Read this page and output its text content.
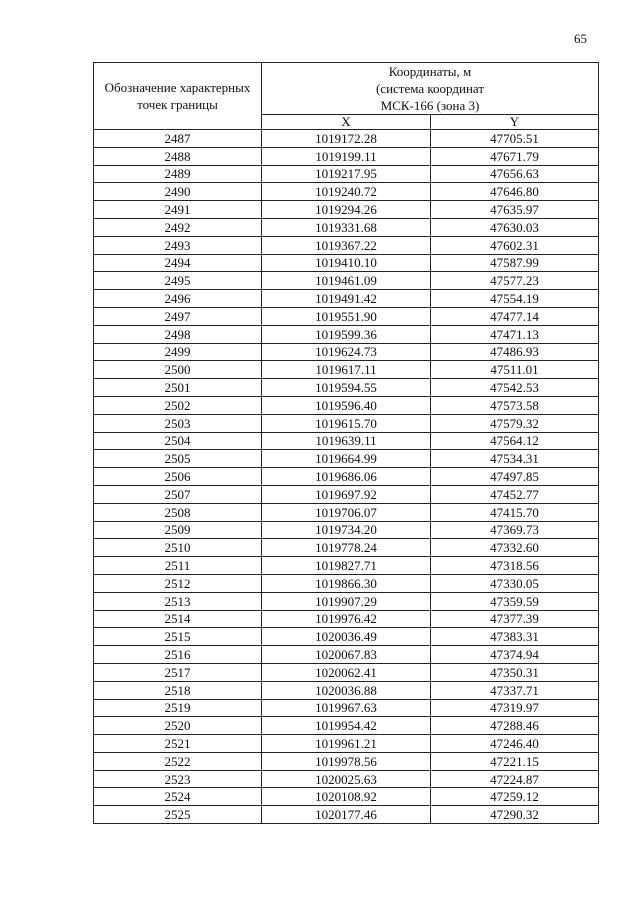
65
Обозначение характерных точек границы	Координаты, м
(система координат
МСК-166 (зона 3)	

	X	Y
2487	1019172.28	47705.51
2488	1019199.11	47671.79
2489	1019217.95	47656.63
2490	1019240.72	47646.80
2491	1019294.26	47635.97
2492	1019331.68	47630.03
2493	1019367.22	47602.31
2494	1019410.10	47587.99
2495	1019461.09	47577.23
2496	1019491.42	47554.19
2497	1019551.90	47477.14
2498	1019599.36	47471.13
2499	1019624.73	47486.93
2500	1019617.11	47511.01
2501	1019594.55	47542.53
2502	1019596.40	47573.58
2503	1019615.70	47579.32
2504	1019639.11	47564.12
2505	1019664.99	47534.31
2506	1019686.06	47497.85
2507	1019697.92	47452.77
2508	1019706.07	47415.70
2509	1019734.20	47369.73
2510	1019778.24	47332.60
2511	1019827.71	47318.56
2512	1019866.30	47330.05
2513	1019907.29	47359.59
2514	1019976.42	47377.39
2515	1020036.49	47383.31
2516	1020067.83	47374.94
2517	1020062.41	47350.31
2518	1020036.88	47337.71
2519	1019967.63	47319.97
2520	1019954.42	47288.46
2521	1019961.21	47246.40
2522	1019978.56	47221.15
2523	1020025.63	47224.87
2524	1020108.92	47259.12
2525	1020177.46	47290.32
